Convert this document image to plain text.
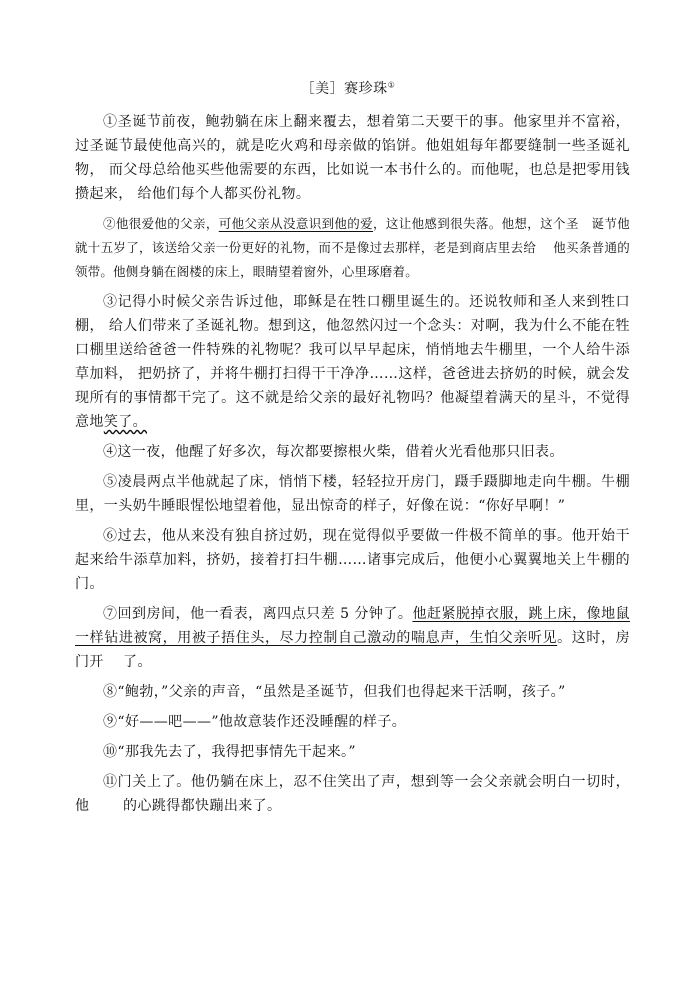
［美］赛珍珠①

①圣诞节前夜，鲍勃躺在床上翻来覆去，想着第二天要干的事。他家里并不富裕，过圣诞节最使他高兴的，就是吃火鸡和母亲做的馅饼。他姐姐每年都要缝制一些圣诞礼物， 而父母总给他买些他需要的东西，比如说一本书什么的。而他呢，也总是把零用钱攒起来， 给他们每个人都买份礼物。

②他很爱他的父亲，可他父亲从没意识到他的爱，这让他感到很失落。他想，这个圣　诞节他就十五岁了，该送给父亲一份更好的礼物，而不是像过去那样，老是到商店里去给　 他买条普通的领带。他侧身躺在阁楼的床上，眼睛望着窗外，心里琢磨着。

③记得小时候父亲告诉过他，耶稣是在牲口棚里诞生的。还说牧师和圣人来到牲口棚， 给人们带来了圣诞礼物。想到这，他忽然闪过一个念头：对啊，我为什么不能在牲口棚里送给爸爸一件特殊的礼物呢？我可以早早起床，悄悄地去牛棚里，一个人给牛添草加料， 把奶挤了，并将牛棚打扫得干干净净……这样，爸爸进去挤奶的时候，就会发现所有的事情都干完了。这不就是给父亲的最好礼物吗？他凝望着满天的星斗，不觉得意地笑了。

④这一夜，他醒了好多次，每次都要擦根火柴，借着火光看他那只旧表。

⑤凌晨两点半他就起了床，悄悄下楼，轻轻拉开房门，蹑手蹑脚地走向牛棚。牛棚里，一头奶牛睡眼惺忪地望着他，显出惊奇的样子，好像在说：“你好早啊！”

⑥过去，他从来没有独自挤过奶，现在觉得似乎要做一件极不简单的事。他开始干起来给牛添草加料，挤奶，接着打扫牛棚……诸事完成后，他便小心翼翼地关上牛棚的门。

⑦回到房间，他一看表，离四点只差 5 分钟了。他赶紧脱掉衣服，跳上床，像地鼠一样钻进被窝，用被子捂住头，尽力控制自己激动的喘息声，生怕父亲听见。这时，房门开　 了。

⑧“鲍勃，”父亲的声音，“虽然是圣诞节，但我们也得起来干活啊，孩子。”

⑨“好——吧——”他故意装作还没睡醒的样子。

⑩“那我先去了，我得把事情先干起来。”

⑪门关上了。他仍躺在床上，忍不住笑出了声，想到等一会父亲就会明白一切时，他　　 的心跳得都快蹦出来了。
